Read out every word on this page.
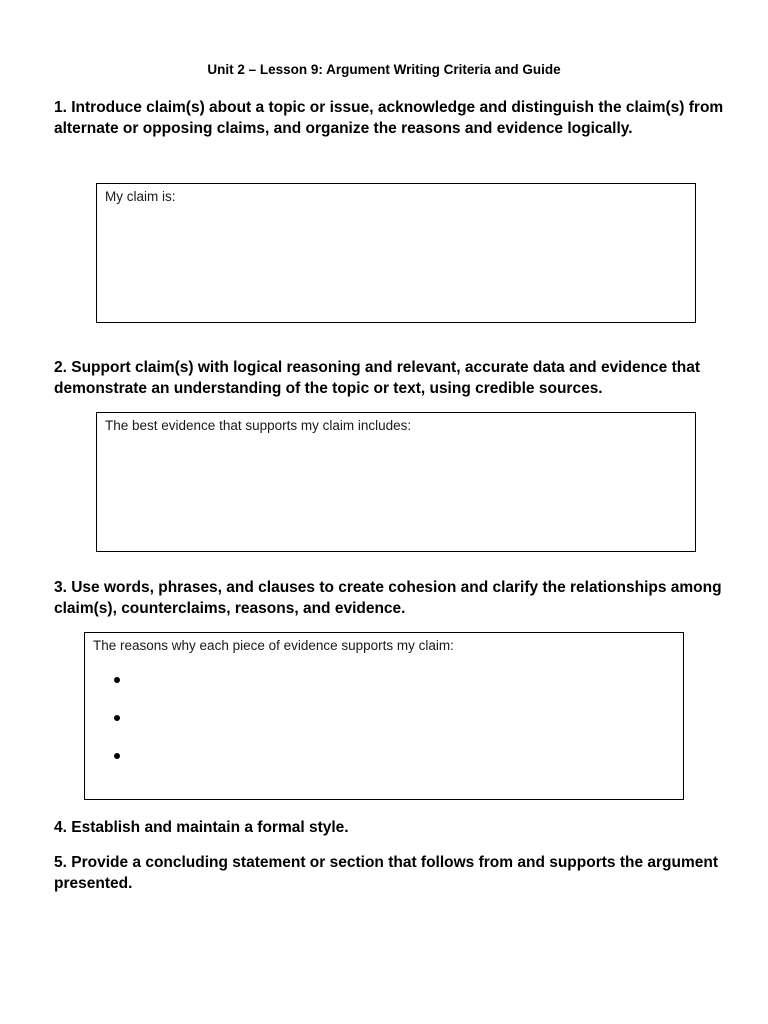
Unit 2 – Lesson 9: Argument Writing Criteria and Guide

1. Introduce claim(s) about a topic or issue, acknowledge and distinguish the claim(s) from alternate or opposing claims, and organize the reasons and evidence logically.

My claim is:

2. Support claim(s) with logical reasoning and relevant, accurate data and evidence that demonstrate an understanding of the topic or text, using credible sources.

The best evidence that supports my claim includes:

3. Use words, phrases, and clauses to create cohesion and clarify the relationships among claim(s), counterclaims, reasons, and evidence.

The reasons why each piece of evidence supports my claim:

4. Establish and maintain a formal style.

5. Provide a concluding statement or section that follows from and supports the argument presented.
